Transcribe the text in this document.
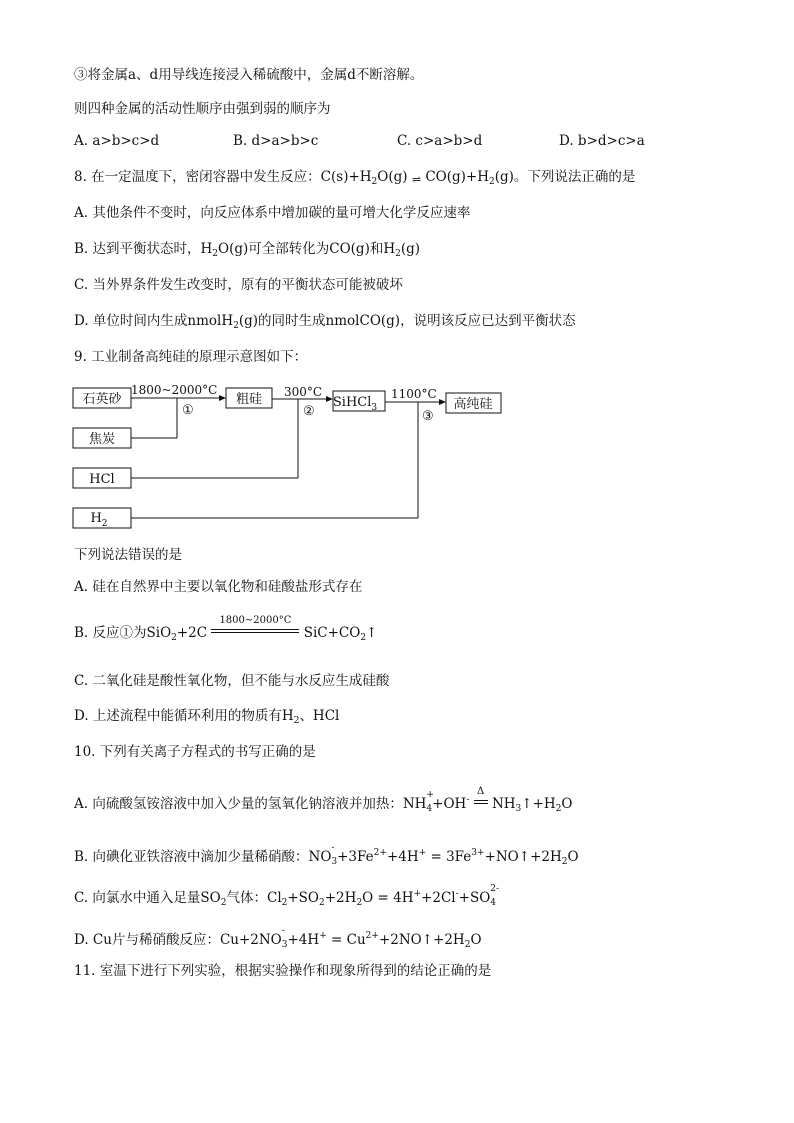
③将金属a、d用导线连接浸入稀硫酸中，金属d不断溶解。
则四种金属的活动性顺序由强到弱的顺序为
A. a>b>c>d	B. d>a>b>c	C. c>a>b>d	D. b>d>c>a
8. 在一定温度下，密闭容器中发生反应：$C(s)+H_2O(g)$ ⇌ $CO(g)+H_2(g)$。下列说法正确的是
A. 其他条件不变时，向反应体系中增加碳的量可增大化学反应速率
B. 达到平衡状态时，$H_2O(g)$可全部转化为CO(g)和$H_2(g)$
C. 当外界条件发生改变时，原有的平衡状态可能被破坏
D. 单位时间内生成nmolH$_2$(g)的同时生成nmolCO(g)，说明该反应已达到平衡状态
9. 工业制备高纯硅的原理示意图如下：
石英砂
焦炭
粗硅	SiHCl$_3$	高纯硅
HCl
$H_2$
1800~2000°C	300°C	1100°C
①	②	③
下列说法错误的是
A. 硅在自然界中主要以氧化物和硅酸盐形式存在
B. 反应①为SiO$_2$+2C
1800~2000°C
$SiC+CO_2↑$
C. 二氧化硅是酸性氧化物，但不能与水反应生成硅酸
D. 上述流程中能循环利用的物质有$H_2$、HCl
10. 下列有关离子方程式的书写正确的是
A. 向硫酸氢铵溶液中加入少量的氢氧化钠溶液并加热：NH
+
$_4$+OH-
Δ
$NH_3↑+H_2O$
B. 向碘化亚铁溶液中滴加少量稀硝酸：NO
-
$_3+3Fe^{2+}+4H^+$ = $3Fe^{3+}+NO↑+2H_2O$
C. 向氯水中通入足量$SO_2$气体：$Cl_2+SO_2+2H_2O = 4H^++2Cl^-+SO$
2-
$_4$
D. Cu片与稀硝酸反应：Cu+2NO
-
$_3+4H^+ = Cu^{2+}+2NO↑+2H_2O$
11. 室温下进行下列实验，根据实验操作和现象所得到的结论正确的是
